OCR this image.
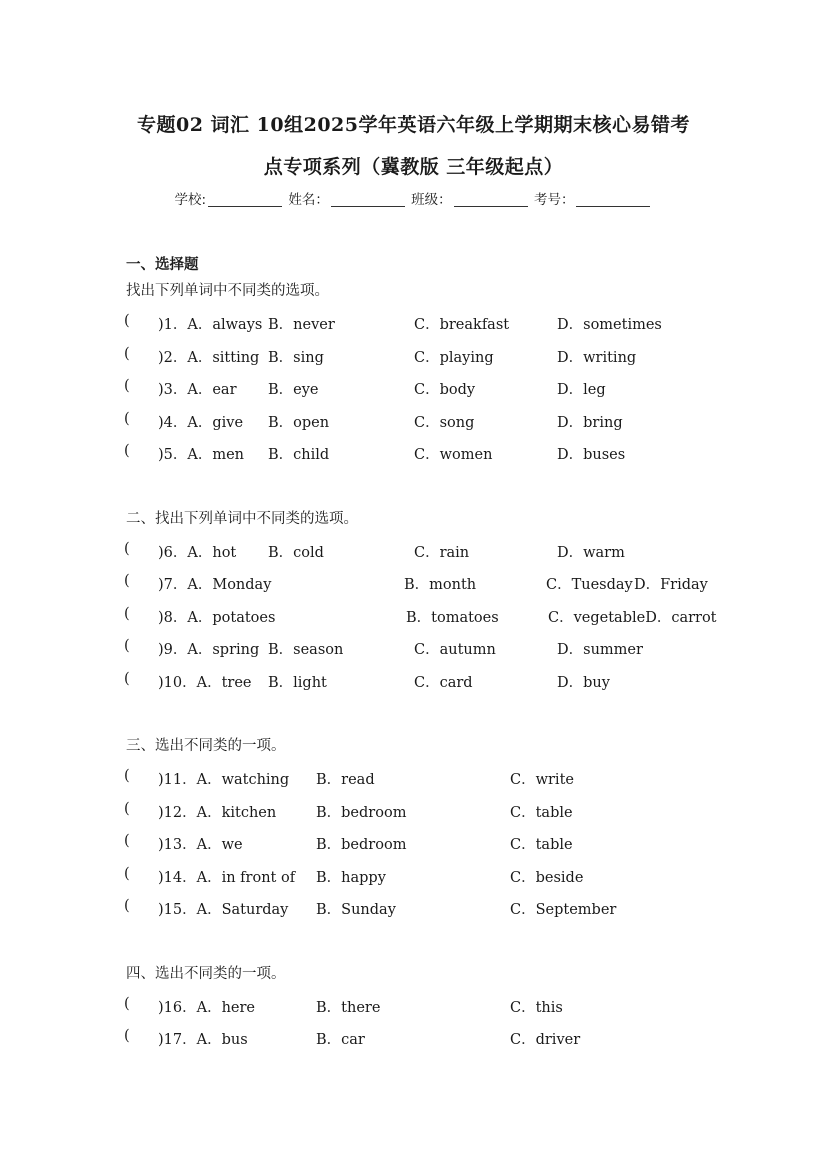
专题02 词汇 10组2025学年英语六年级上学期期末核心易错考
点专项系列（冀教版 三年级起点）
学校:	姓名：	班级：	考号：
一、选择题
找出下列单词中不同类的选项。
( )1．A．always B．never	C．breakfast	D．sometimes
( )2．A．sitting B．sing	C．playing	D．writing
( )3．A．ear B．eye	C．body	D．leg
( )4．A．give B．open	C．song	D．bring
( )5．A．men B．child	C．women	D．buses
二、找出下列单词中不同类的选项。
( )6．A．hot B．cold	C．rain	D．warm
( )7．A．Monday	B．month	C．Tuesday D．Friday
( )8．A．potatoes	B．tomatoes	C．vegetableD．carrot
( )9．A．spring B．season	C．autumn	D．summer
( )10．A．tree B．light	C．card	D．buy
三、选出不同类的一项。
( )11．A．watching B．read	C．write
( )12．A．kitchen	B．bedroom	C．table
( )13．A．we	B．bedroom	C．table
( )14．A．in front of B．happy	C．beside
( )15．A．Saturday B．Sunday	C．September
四、选出不同类的一项。
( )16．A．here	B．there	C．this
( )17．A．bus	B．car	C．driver
